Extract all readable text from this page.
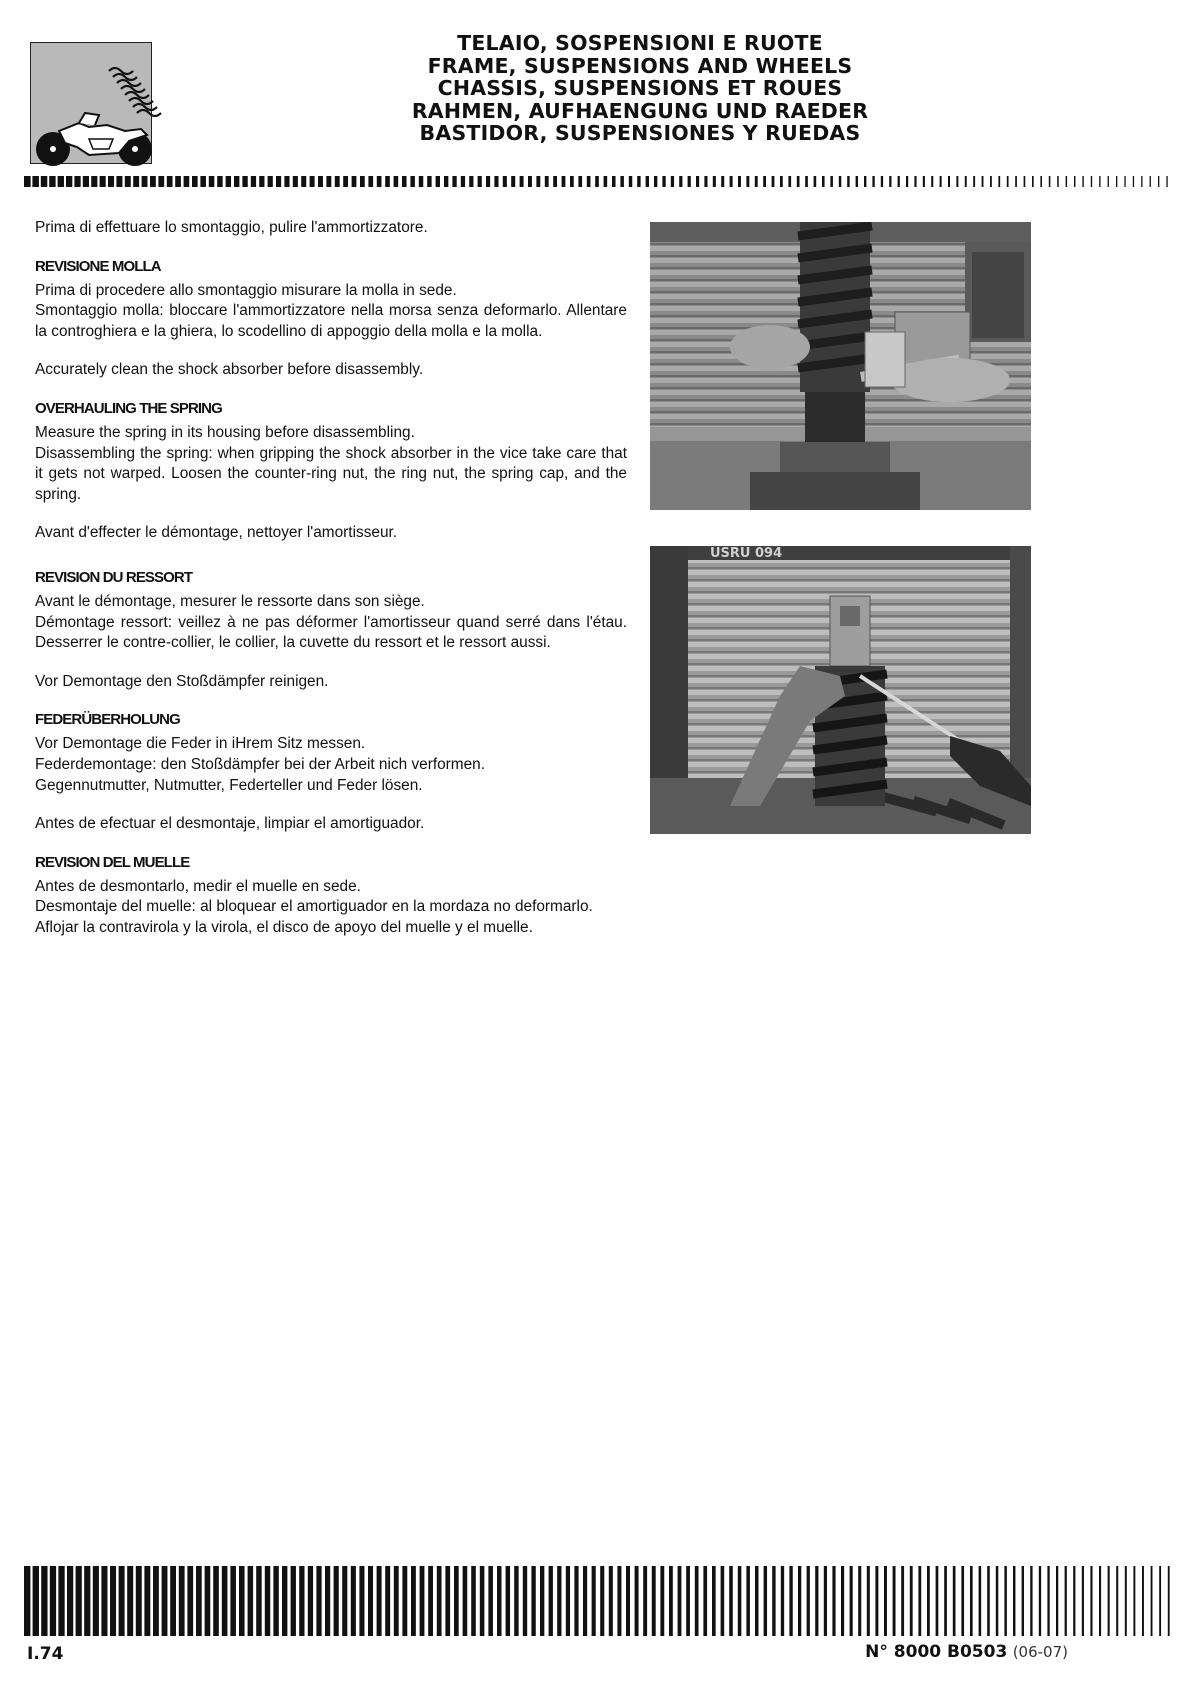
TELAIO, SOSPENSIONI E RUOTE
FRAME, SUSPENSIONS AND WHEELS
CHASSIS, SUSPENSIONS ET ROUES
RAHMEN, AUFHAENGUNG UND RAEDER
BASTIDOR, SUSPENSIONES Y RUEDAS

Prima di effettuare lo smontaggio, pulire l'ammortizzatore.

REVISIONE MOLLA

Prima di procedere allo smontaggio misurare la molla in sede.

Smontaggio molla: bloccare l'ammortizzatore nella morsa senza deformarlo. Allentare la controghiera e la ghiera, lo scodellino di appoggio della molla e la molla.

Accurately clean the shock absorber before disassembly.

OVERHAULING THE SPRING

Measure the spring in its housing before disassembling.

Disassembling the spring: when gripping the shock absorber in the vice take care that it gets not warped. Loosen the counter-ring nut, the ring nut, the spring cap, and the spring.

Avant d'effecter le démontage, nettoyer l'amortisseur.

REVISION DU RESSORT

Avant le démontage, mesurer le ressorte dans son siège.

Démontage ressort: veillez à ne pas déformer l'amortisseur quand serré dans l'étau. Desserrer le contre-collier, le collier, la cuvette du ressort et le ressort aussi.

Vor Demontage den Stoßdämpfer reinigen.

FEDERÜBERHOLUNG

Vor Demontage die Feder in iHrem Sitz messen.

Federdemontage: den Stoßdämpfer bei der Arbeit nich verformen.

Gegennutmutter, Nutmutter, Federteller und Feder lösen.

Antes de efectuar el desmontaje, limpiar el amortiguador.

REVISION DEL MUELLE

Antes de desmontarlo, medir el muelle en sede.

Desmontaje del muelle: al bloquear el amortiguador en la mordaza no deformarlo.

Aflojar la contravirola y la virola, el disco de apoyo del muelle y el muelle.

USRU 094
I.74	N° 8000 B0503 (06-07)
